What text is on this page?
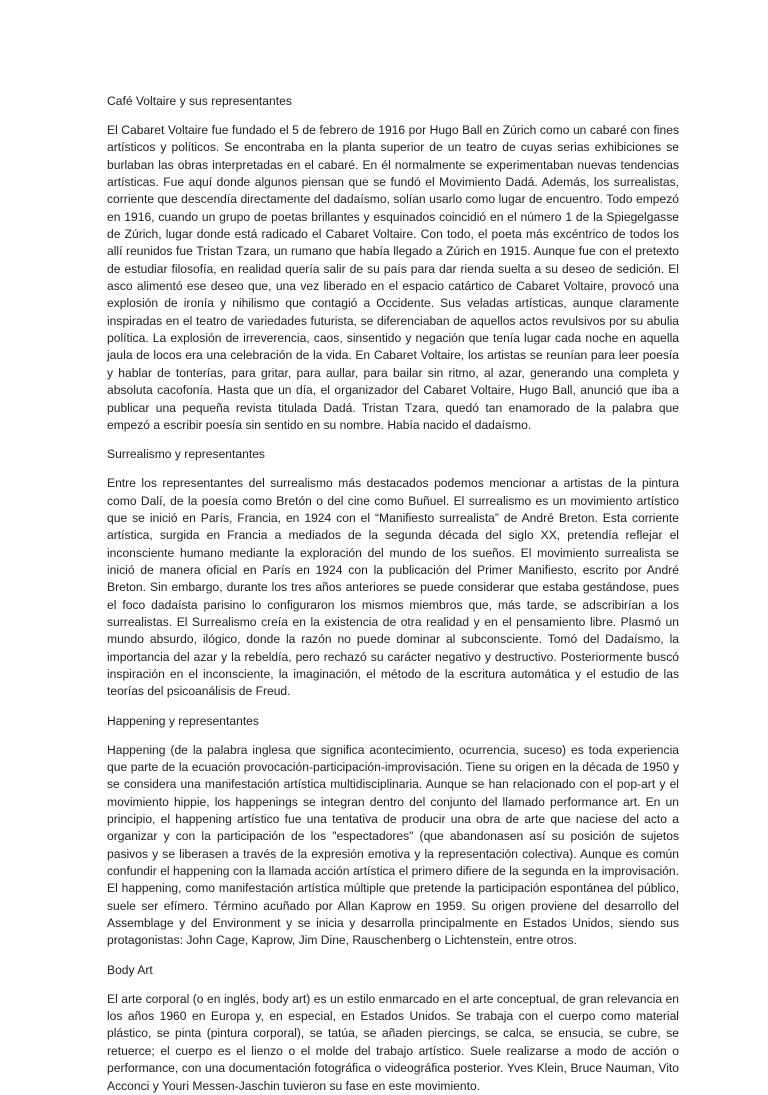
Café Voltaire y sus representantes

El Cabaret Voltaire fue fundado el 5 de febrero de 1916 por Hugo Ball en Zúrich como un cabaré con fines artísticos y políticos. Se encontraba en la planta superior de un teatro de cuyas serias exhibiciones se burlaban las obras interpretadas en el cabaré. En él normalmente se experimentaban nuevas tendencias artísticas. Fue aquí donde algunos piensan que se fundó el Movimiento Dadá. Además, los surrealistas, corriente que descendía directamente del dadaísmo, solían usarlo como lugar de encuentro. Todo empezó en 1916, cuando un grupo de poetas brillantes y esquinados coincidió en el número 1 de la Spiegelgasse de Zúrich, lugar donde está radicado el Cabaret Voltaire. Con todo, el poeta más excéntrico de todos los allí reunidos fue Tristan Tzara, un rumano que había llegado a Zúrich en 1915. Aunque fue con el pretexto de estudiar filosofía, en realidad quería salir de su país para dar rienda suelta a su deseo de sedición. El asco alimentó ese deseo que, una vez liberado en el espacio catártico de Cabaret Voltaire, provocó una explosión de ironía y nihilismo que contagió a Occidente. Sus veladas artísticas, aunque claramente inspiradas en el teatro de variedades futurista, se diferenciaban de aquellos actos revulsivos por su abulia política. La explosión de irreverencia, caos, sinsentido y negación que tenía lugar cada noche en aquella jaula de locos era una celebración de la vida. En Cabaret Voltaire, los artistas se reunían para leer poesía y hablar de tonterías, para gritar, para aullar, para bailar sin ritmo, al azar, generando una completa y absoluta cacofonía. Hasta que un día, el organizador del Cabaret Voltaire, Hugo Ball, anunció que iba a publicar una pequeña revista titulada Dadá. Tristan Tzara, quedó tan enamorado de la palabra que empezó a escribir poesía sin sentido en su nombre. Había nacido el dadaísmo.

Surrealismo y representantes

Entre los representantes del surrealismo más destacados podemos mencionar a artistas de la pintura como Dalí, de la poesía como Bretón o del cine como Buñuel. El surrealismo es un movimiento artístico que se inició en París, Francia, en 1924 con el “Manifiesto surrealista” de André Breton. Esta corriente artística, surgida en Francia a mediados de la segunda década del siglo XX, pretendía reflejar el inconsciente humano mediante la exploración del mundo de los sueños. El movimiento surrealista se inició de manera oficial en París en 1924 con la publicación del Primer Manifiesto, escrito por André Breton. Sin embargo, durante los tres años anteriores se puede considerar que estaba gestándose, pues el foco dadaísta parisino lo configuraron los mismos miembros que, más tarde, se adscribirían a los surrealistas. El Surrealismo creía en la existencia de otra realidad y en el pensamiento libre. Plasmó un mundo absurdo, ilógico, donde la razón no puede dominar al subconsciente. Tomó del Dadaísmo, la importancia del azar y la rebeldía, pero rechazó su carácter negativo y destructivo. Posteriormente buscó inspiración en el inconsciente, la imaginación, el método de la escritura automática y el estudio de las teorías del psicoanálisis de Freud.

Happening y representantes

Happening (de la palabra inglesa que significa acontecimiento, ocurrencia, suceso) es toda experiencia que parte de la ecuación provocación-participación-improvisación. Tiene su origen en la década de 1950 y se considera una manifestación artística multidisciplinaria. Aunque se han relacionado con el pop-art y el movimiento hippie, los happenings se integran dentro del conjunto del llamado performance art. En un principio, el happening artístico fue una tentativa de producir una obra de arte que naciese del acto a organizar y con la participación de los "espectadores" (que abandonasen así su posición de sujetos pasivos y se liberasen a través de la expresión emotiva y la representación colectiva). Aunque es común confundir el happening con la llamada acción artística el primero difiere de la segunda en la improvisación. El happening, como manifestación artística múltiple que pretende la participación espontánea del público, suele ser efímero. Término acuñado por Allan Kaprow en 1959. Su origen proviene del desarrollo del Assemblage y del Environment y se inicia y desarrolla principalmente en Estados Unidos, siendo sus protagonistas: John Cage, Kaprow, Jim Dine, Rauschenberg o Lichtenstein, entre otros.

Body Art

El arte corporal (o en inglés, body art) es un estilo enmarcado en el arte conceptual, de gran relevancia en los años 1960 en Europa y, en especial, en Estados Unidos. Se trabaja con el cuerpo como material plástico, se pinta (pintura corporal), se tatúa, se añaden piercings, se calca, se ensucia, se cubre, se retuerce; el cuerpo es el lienzo o el molde del trabajo artístico. Suele realizarse a modo de acción o performance, con una documentación fotográfica o videográfica posterior. Yves Klein, Bruce Nauman, Vito Acconci y Youri Messen-Jaschin tuvieron su fase en este movimiento.
